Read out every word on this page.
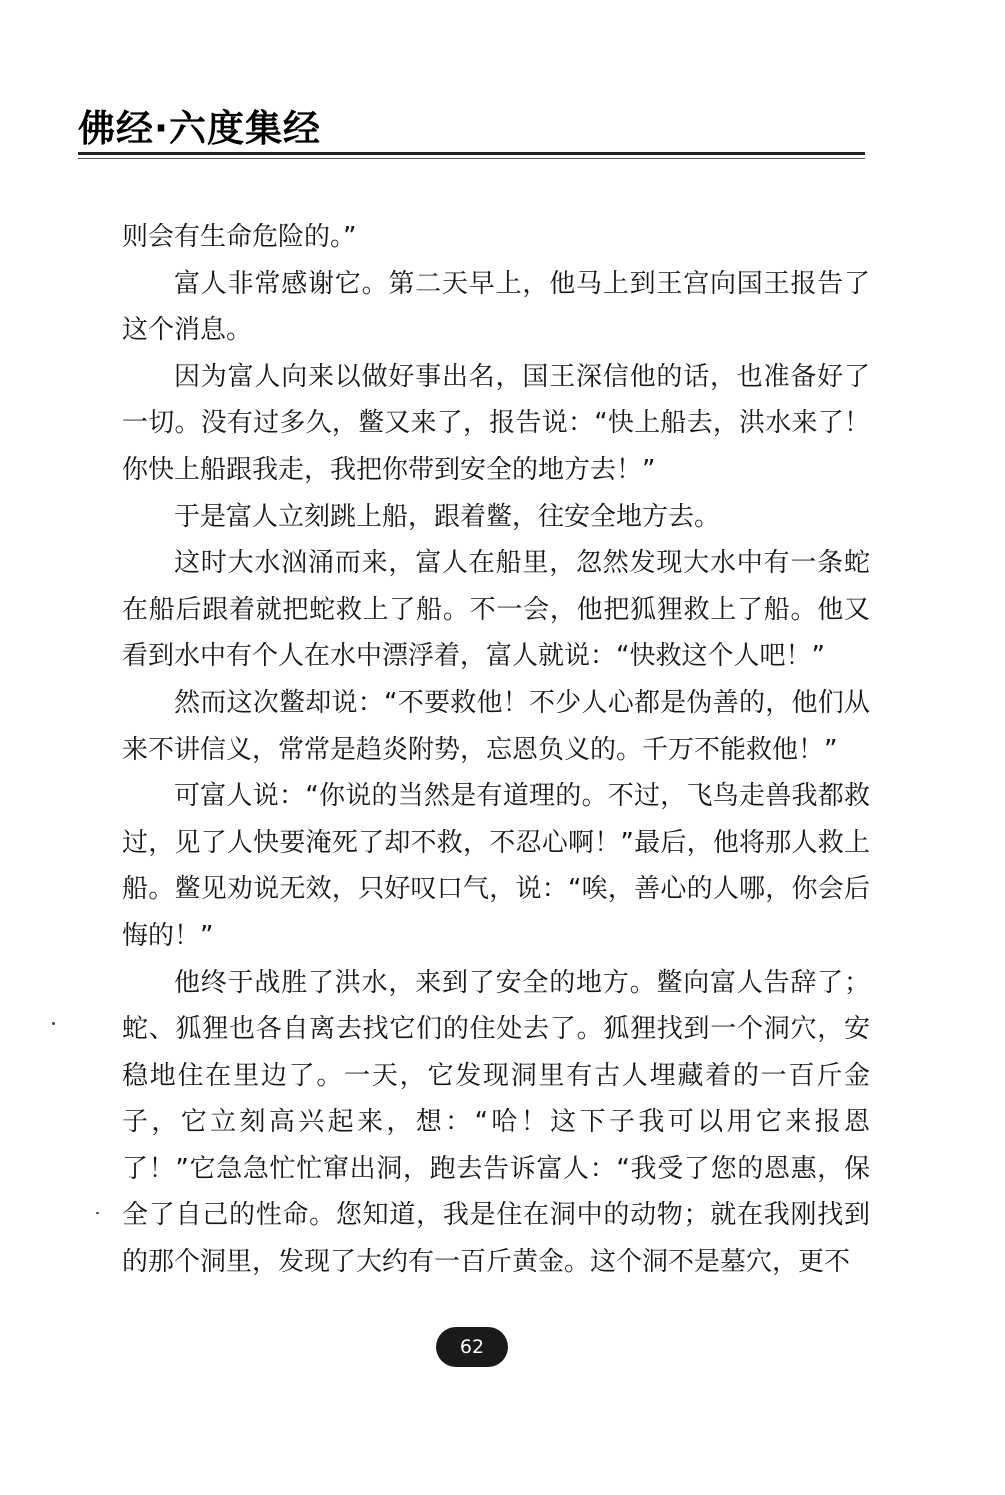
佛经·六度集经

则会有生命危险的。”

富人非常感谢它。第二天早上，他马上到王宫向国王报告了这个消息。

因为富人向来以做好事出名，国王深信他的话，也准备好了一切。没有过多久，鳖又来了，报告说：“快上船去，洪水来了！你快上船跟我走，我把你带到安全的地方去！”

于是富人立刻跳上船，跟着鳖，往安全地方去。

这时大水汹涌而来，富人在船里，忽然发现大水中有一条蛇在船后跟着就把蛇救上了船。不一会，他把狐狸救上了船。他又看到水中有个人在水中漂浮着，富人就说：“快救这个人吧！”

然而这次鳖却说：“不要救他！不少人心都是伪善的，他们从来不讲信义，常常是趋炎附势，忘恩负义的。千万不能救他！”

可富人说：“你说的当然是有道理的。不过，飞鸟走兽我都救过，见了人快要淹死了却不救，不忍心啊！”最后，他将那人救上船。鳖见劝说无效，只好叹口气，说：“唉，善心的人哪，你会后悔的！”

他终于战胜了洪水，来到了安全的地方。鳖向富人告辞了；蛇、狐狸也各自离去找它们的住处去了。狐狸找到一个洞穴，安稳地住在里边了。一天，它发现洞里有古人埋藏着的一百斤金子，它立刻高兴起来，想：“哈！这下子我可以用它来报恩了！”它急急忙忙窜出洞，跑去告诉富人：“我受了您的恩惠，保全了自己的性命。您知道，我是住在洞中的动物；就在我刚找到的那个洞里，发现了大约有一百斤黄金。这个洞不是墓穴，更不

62
